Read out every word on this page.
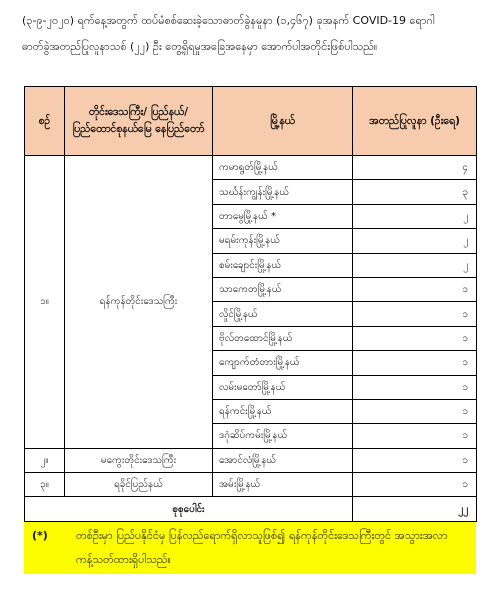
(၃-၉-၂၀၂၀) ရက်နေ့အတွက် ထပ်မံစစ်ဆေးခဲ့သောဓာတ်ခွဲနမူနာ (၁,၄၆၇) ခုအနက် COVID-19 ရောဂါ

ဓာတ်ခွဲအတည်ပြုလူနာသစ် (၂၂) ဦး တွေ့ရှိရမှုအခြေအနေမှာ အောက်ပါအတိုင်းဖြစ်ပါသည်။

စဉ်	တိုင်းဒေသကြီး/ ပြည်နယ်/ ပြည်ထောင်စုနယ်မြေ နေပြည်တော်	မြို့နယ်	အတည်ပြုလူနာ (ဦးရေ)
၁။	ရန်ကုန်တိုင်းဒေသကြီး	ကမာရွတ်မြို့နယ်	၄
		သင်္ဃန်းကျွန်းမြို့နယ်	၃
		တာမွေမြို့နယ် *	၂
		မရမ်းကုန်းမြို့နယ်	၂
		စမ်းချောင်းမြို့နယ်	၂
		သာကေတမြို့နယ်	၁
		လှိုင်မြို့နယ်	၁
		ဗိုလ်တထောင်မြို့နယ်	၁
		ကျောက်တံတားမြို့နယ်	၁
		လမ်းမတော်မြို့နယ်	၁
		ရန်ကင်းမြို့နယ်	၁
		ဒဂုံဆိပ်ကမ်းမြို့နယ်	၁
၂။	မကွေးတိုင်းဒေသကြီး	အောင်လံမြို့နယ်	၁
၃။	ရခိုင်ပြည်နယ်	အမ်းမြို့နယ်	၁
စုစုပေါင်း			၂၂
(*)	တစ်ဦးမှာ ပြည်ပနိုင်ငံမှ ပြန်လည်ရောက်ရှိလာသူဖြစ်၍ ရန်ကုန်တိုင်းဒေသကြီးတွင် အသွားအလာ
ကန့်သတ်ထားရှိပါသည်။
